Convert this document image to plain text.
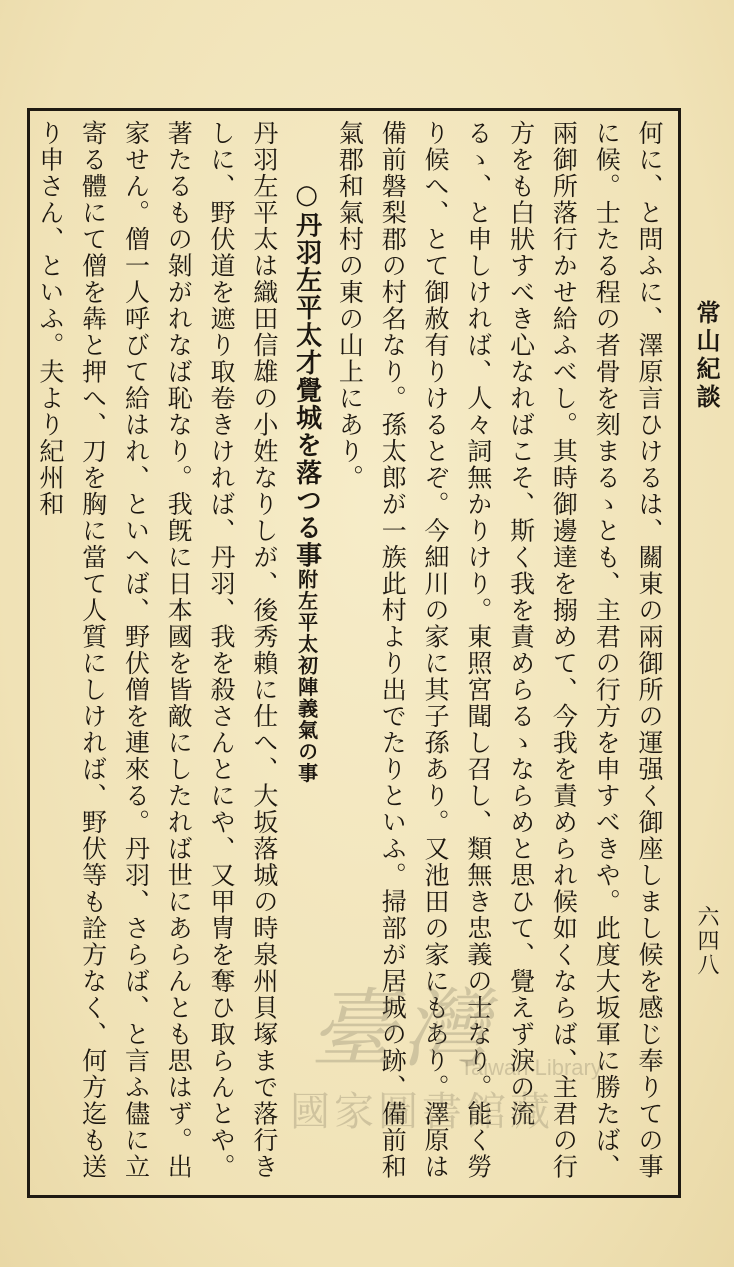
常山紀談
六四八

何に、と問ふに、澤原言ひけるは、關東の兩御所の運强く御座しまし候を感じ奉りての事に候。士たる程の者骨を刻まるゝとも、主君の行方を申すべきや。此度大坂軍に勝たば、兩御所落行かせ給ふべし。其時御邊達を搦めて、今我を責められ候如くならば、主君の行方をも白狀すべき心なればこそ、斯く我を責めらるゝならめと思ひて、覺えず淚の流るゝ、と申しければ、人々詞無かりけり。東照宮聞し召し、類無き忠義の士なり。能く勞り候へ、とて御赦有りけるとぞ。今細川の家に其子孫あり。又池田の家にもあり。澤原は備前磐梨郡の村名なり。孫太郎が一族此村より出でたりといふ。掃部が居城の跡、備前和氣郡和氣村の東の山上にあり。

○丹羽左平太才覺城を落つる事附左平太初陣義氣の事

丹羽左平太は織田信雄の小姓なりしが、後秀賴に仕へ、大坂落城の時泉州貝塚まで落行きしに、野伏道を遮り取卷きければ、丹羽、我を殺さんとにや、又甲冑を奪ひ取らんとや。著たるもの剝がれなば恥なり。我旣に日本國を皆敵にしたれば世にあらんとも思はず。出家せん。僧一人呼びて給はれ、といへば、野伏僧を連來る。丹羽、さらば、と言ふ儘に立寄る體にて僧を犇と押へ、刀を胸に當て人質にしければ、野伏等も詮方なく、何方迄も送り申さん、といふ。夫より紀州和

臺灣
Taiwan Library
國家圖書館藏
